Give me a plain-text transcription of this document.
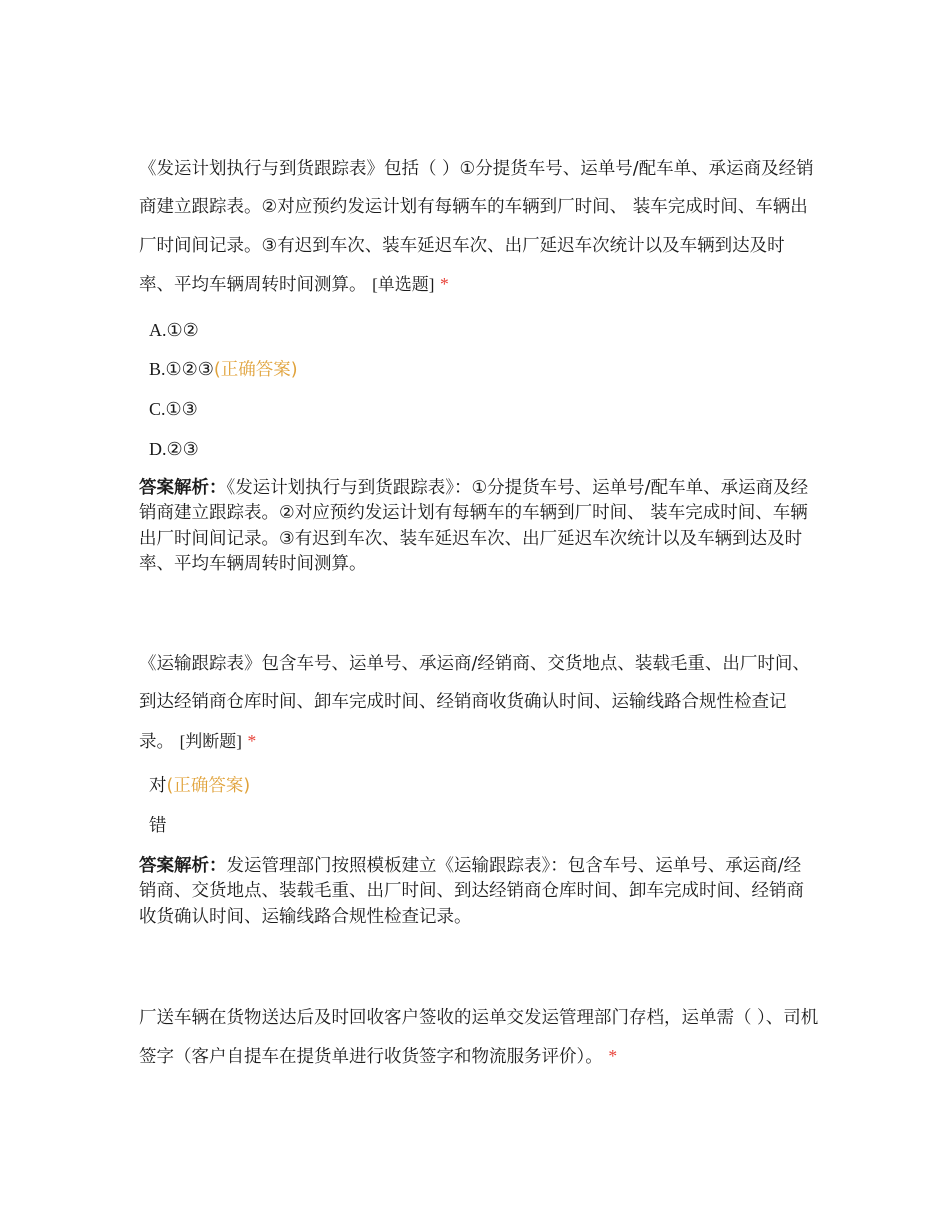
《发运计划执行与到货跟踪表》包括（ ）①分提货车号、运单号/配车单、承运商及经销商建立跟踪表。②对应预约发运计划有每辆车的车辆到厂时间、 装车完成时间、车辆出厂时间间记录。③有迟到车次、装车延迟车次、出厂延迟车次统计以及车辆到达及时率、平均车辆周转时间测算。 [单选题] *
A.①②
B.①②③(正确答案)
C.①③
D.②③
答案解析：《发运计划执行与到货跟踪表》：①分提货车号、运单号/配车单、承运商及经销商建立跟踪表。②对应预约发运计划有每辆车的车辆到厂时间、 装车完成时间、车辆出厂时间间记录。③有迟到车次、装车延迟车次、出厂延迟车次统计以及车辆到达及时率、平均车辆周转时间测算。
《运输跟踪表》包含车号、运单号、承运商/经销商、交货地点、装载毛重、出厂时间、到达经销商仓库时间、卸车完成时间、经销商收货确认时间、运输线路合规性检查记录。 [判断题] *
对(正确答案)
错
答案解析：发运管理部门按照模板建立《运输跟踪表》：包含车号、运单号、承运商/经销商、交货地点、装载毛重、出厂时间、到达经销商仓库时间、卸车完成时间、经销商收货确认时间、运输线路合规性检查记录。
厂送车辆在货物送达后及时回收客户签收的运单交发运管理部门存档，运单需（ ）、司机签字（客户自提车在提货单进行收货签字和物流服务评价）。 *
